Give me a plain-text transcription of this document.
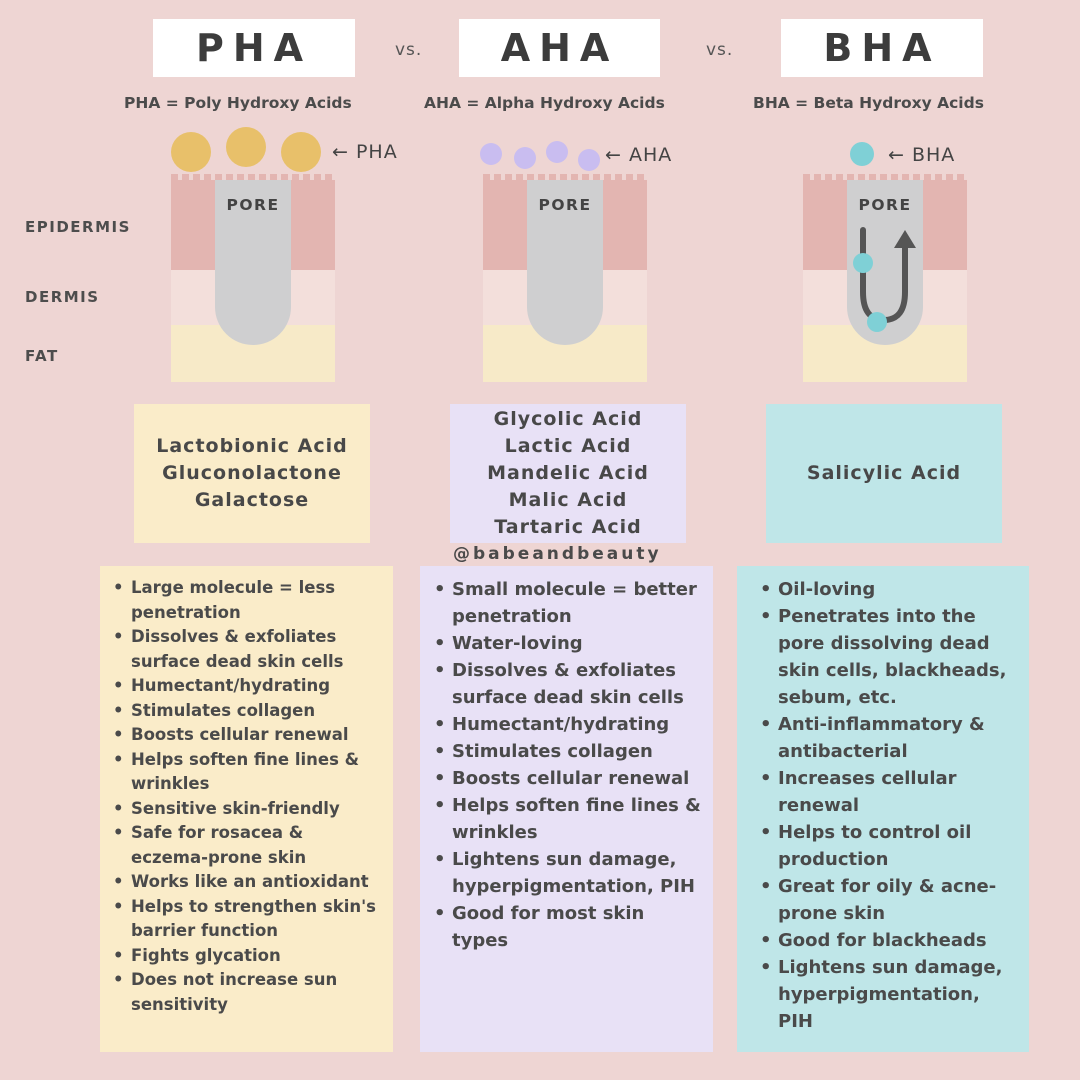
PHA	vs.	AHA	vs.	BHA
PHA = Poly Hydroxy Acids	AHA = Alpha Hydroxy Acids	BHA = Beta Hydroxy Acids
← PHA	← AHA	← BHA
EPIDERMIS
DERMIS
FAT
PORE	PORE	PORE
Lactobionic Acid
Gluconolactone
Galactose
Glycolic Acid
Lactic Acid
Mandelic Acid
Malic Acid
Tartaric Acid
Salicylic Acid
@babeandbeauty
• Large molecule = less penetration
• Dissolves & exfoliates surface dead skin cells
• Humectant/hydrating
• Stimulates collagen
• Boosts cellular renewal
• Helps soften fine lines & wrinkles
• Sensitive skin-friendly
• Safe for rosacea & eczema-prone skin
• Works like an antioxidant
• Helps to strengthen skin's barrier function
• Fights glycation
• Does not increase sun sensitivity
• Small molecule = better penetration
• Water-loving
• Dissolves & exfoliates surface dead skin cells
• Humectant/hydrating
• Stimulates collagen
• Boosts cellular renewal
• Helps soften fine lines & wrinkles
• Lightens sun damage, hyperpigmentation, PIH
• Good for most skin types
• Oil-loving
• Penetrates into the pore dissolving dead skin cells, blackheads, sebum, etc.
• Anti-inflammatory & antibacterial
• Increases cellular renewal
• Helps to control oil production
• Great for oily & acne-prone skin
• Good for blackheads
• Lightens sun damage, hyperpigmentation, PIH
